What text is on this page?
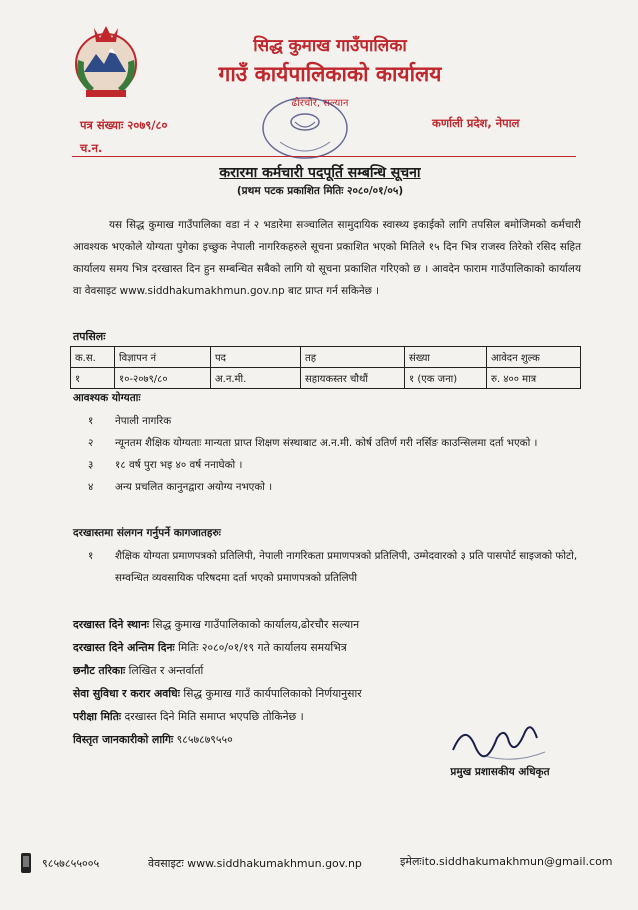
सिद्ध कुमाख गाउँपालिका
गाउँ कार्यपालिकाको कार्यालय
ढोरचौर, सल्यान
पत्र संख्याः २०७९/८०
च.न.
कर्णाली प्रदेश, नेपाल
करारमा कर्मचारी पदपूर्ति सम्बन्धि सूचना
(प्रथम पटक प्रकाशित मितिः २०८०/०१/०५)
यस सिद्ध कुमाख गाउँपालिका वडा नं २ भडारेमा सञ्चालित सामुदायिक स्वास्थ्य इकाईको लागि तपसिल बमोजिमको कर्मचारी आवश्यक भएकोले योग्यता पुगेका इच्छुक नेपाली नागरिकहरुले सूचना प्रकाशित भएको मितिले १५ दिन भित्र राजस्व तिरेको रसिद सहित कार्यालय समय भित्र दरखास्त दिन हुन सम्बन्धित सबैको लागि यो सूचना प्रकाशित गरिएको छ । आवदेन फाराम गाउँपालिकाको कार्यालय वा वेवसाइट www.siddhakumakhmun.gov.np बाट प्राप्त गर्न सकिनेछ ।
तपसिलः
क.स.	विज्ञापन नं	पद	तह	संख्या	आवेदन शुल्क
१	१०-२०७९/८०	अ.न.मी.	सहायकस्तर चौथौं	१ (एक जना)	रु. ४०० मात्र
आवश्यक योग्यताः
१ नेपाली नागरिक
२ न्यूनतम शैक्षिक योग्यताः मान्यता प्राप्त शिक्षण संस्थाबाट अ.न.मी. कोर्ष उतिर्ण गरी नर्सिङ काउन्सिलमा दर्ता भएको ।
३ १८ वर्ष पुरा भइ ४० वर्ष ननाघेको ।
४ अन्य प्रचलित कानुनद्वारा अयोग्य नभएको ।
दरखास्तमा संलगन गर्नुपर्ने कागजातहरुः
१ शैक्षिक योग्यता प्रमाणपत्रको प्रतिलिपी, नेपाली नागरिकता प्रमाणपत्रको प्रतिलिपी, उम्मेदवारको ३ प्रति पासपोर्ट साइजको फोटो, सम्वन्धित व्यवसायिक परिषदमा दर्ता भएको प्रमाणपत्रको प्रतिलिपी
दरखास्त दिने स्थानः सिद्ध कुमाख गाउँपालिकाको कार्यालय,ढोरचौर सल्यान
दरखास्त दिने अन्तिम दिनः मितिः २०८०/०१/१९ गते कार्यालय समयभित्र
छनौट तरिकाः लिखित र अन्तर्वार्ता
सेवा सुविधा र करार अवधिः सिद्ध कुमाख गाउँ कार्यपालिकाको निर्णयानुसार
परीक्षा मितिः दरखास्त दिने मिति समाप्त भएपछि तोकिनेछ ।
विस्तृत जानकारीको लागिः ९८५७८७९५५०
प्रमुख प्रशासकीय अधिकृत
९८५७८५५००५	वेवसाइटः www.siddhakumakhmun.gov.np	इमेलःito.siddhakumakhmun@gmail.com
